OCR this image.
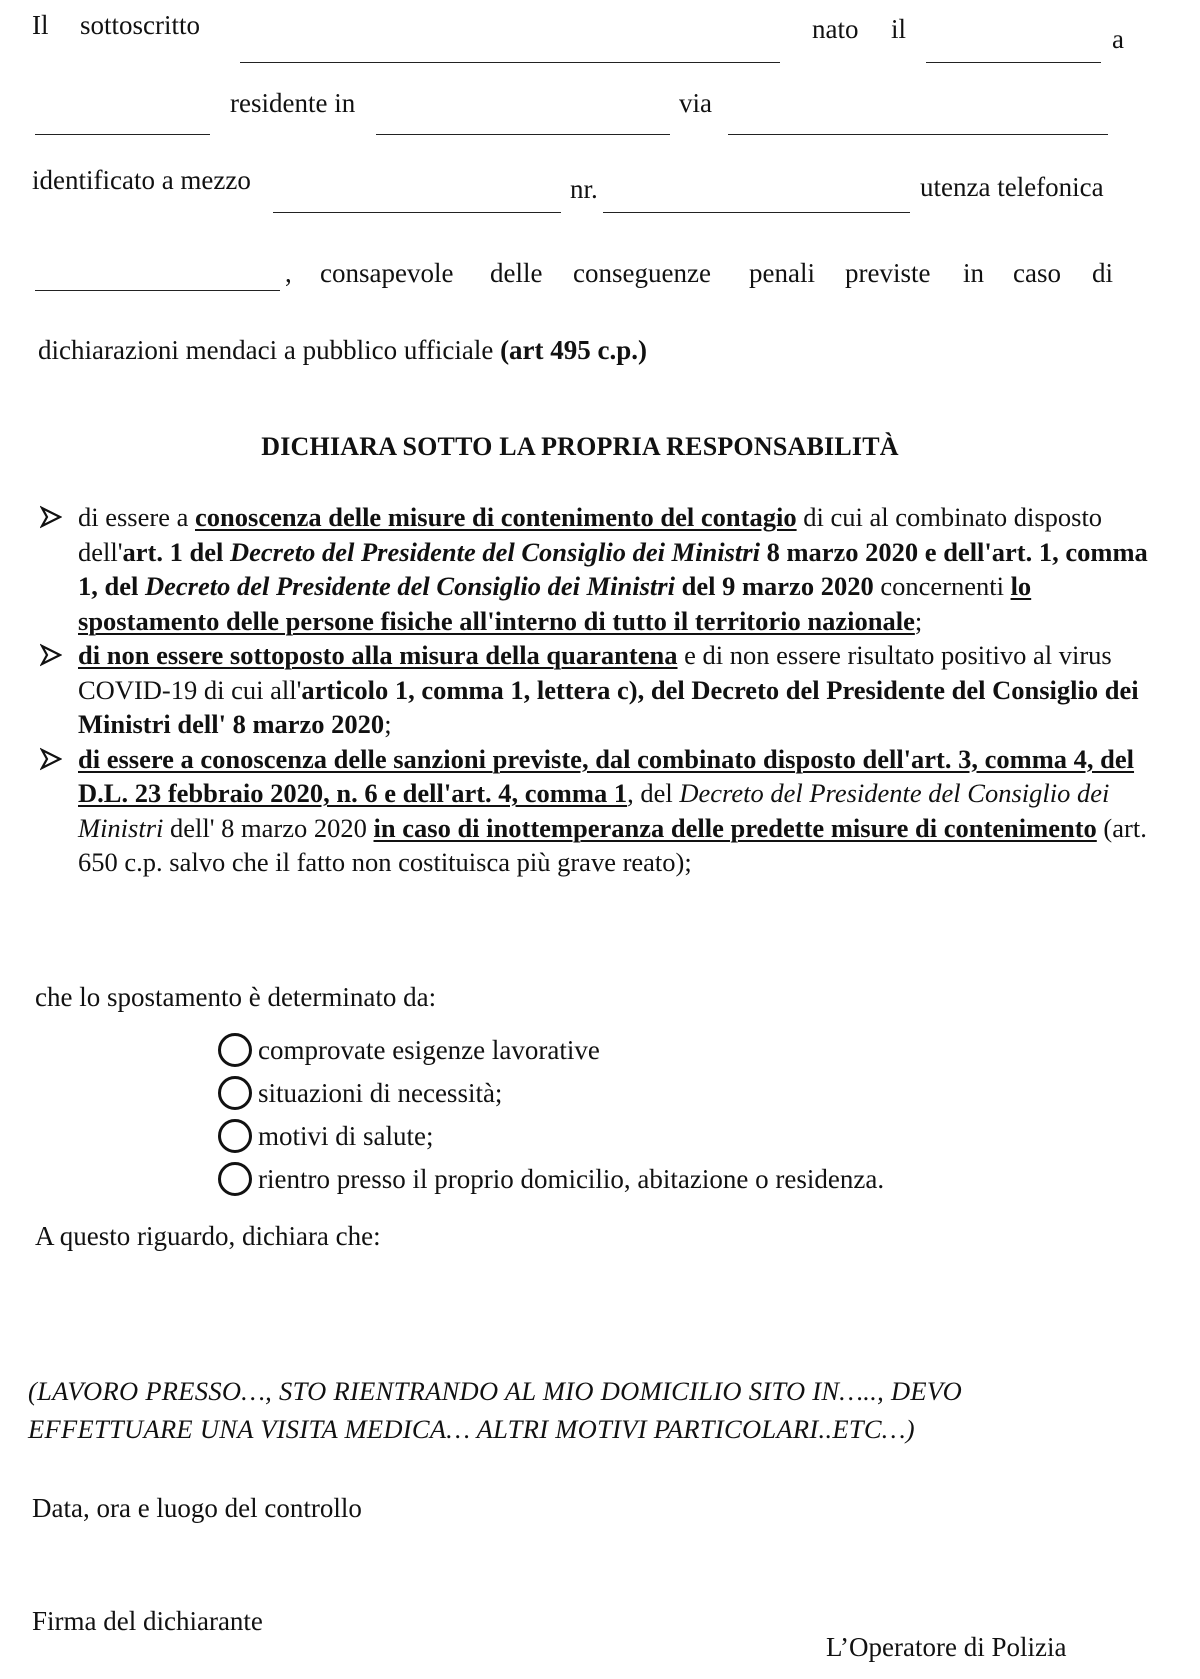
Il sottoscritto	nato il	a
residente in	via
identificato a mezzo	nr.	utenza telefonica
, consapevole delle conseguenze penali previste in caso di
dichiarazioni mendaci a pubblico ufficiale (art 495 c.p.)
DICHIARA SOTTO LA PROPRIA RESPONSABILITÀ
di essere a conoscenza delle misure di contenimento del contagio di cui al combinato disposto dell'art. 1 del Decreto del Presidente del Consiglio dei Ministri 8 marzo 2020 e dell'art. 1, comma 1, del Decreto del Presidente del Consiglio dei Ministri del 9 marzo 2020 concernenti lo spostamento delle persone fisiche all'interno di tutto il territorio nazionale;
di non essere sottoposto alla misura della quarantena e di non essere risultato positivo al virus COVID-19 di cui all'articolo 1, comma 1, lettera c), del Decreto del Presidente del Consiglio dei Ministri dell' 8 marzo 2020;
di essere a conoscenza delle sanzioni previste, dal combinato disposto dell'art. 3, comma 4, del D.L. 23 febbraio 2020, n. 6 e dell'art. 4, comma 1, del Decreto del Presidente del Consiglio dei Ministri dell' 8 marzo 2020 in caso di inottemperanza delle predette misure di contenimento (art. 650 c.p. salvo che il fatto non costituisca più grave reato);
che lo spostamento è determinato da:
comprovate esigenze lavorative
situazioni di necessità;
motivi di salute;
rientro presso il proprio domicilio, abitazione o residenza.
A questo riguardo, dichiara che:
(LAVORO PRESSO…, STO RIENTRANDO AL MIO DOMICILIO SITO IN….., DEVO
EFFETTUARE UNA VISITA MEDICA… ALTRI MOTIVI PARTICOLARI..ETC…)
Data, ora e luogo del controllo
Firma del dichiarante
L’Operatore di Polizia
